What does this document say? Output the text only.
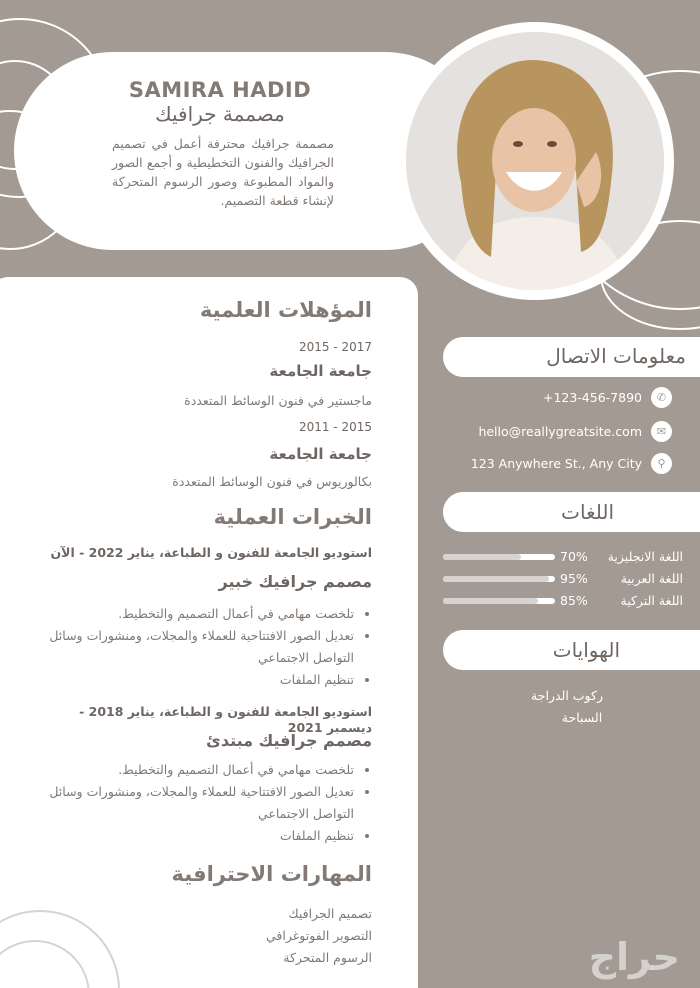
SAMIRA HADID
مصممة جرافيك
مصممة جرافيك محترفة أعمل في تصميم الجرافيك والفنون التخطيطية و أجمع الصور والمواد المطبوعة وصور الرسوم المتحركة لإنشاء قطعة التصميم.
المؤهلات العلمية
2015 - 2017
جامعة الجامعة
ماجستير في فنون الوسائط المتعددة
2011 - 2015
جامعة الجامعة
بكالوريوس في فنون الوسائط المتعددة
الخبرات العملية
استوديو الجامعة للفنون و الطباعة، يناير 2022 - الآن
مصمم جرافيك خبير
• تلخصت مهامي في أعمال التصميم والتخطيط.
• تعديل الصور الافتتاحية للعملاء والمجلات، ومنشورات وسائل التواصل الاجتماعي
• تنظيم الملفات
استوديو الجامعة للفنون و الطباعة، يناير 2018 - ديسمبر 2021
مصمم جرافيك مبتدئ
• تلخصت مهامي في أعمال التصميم والتخطيط.
• تعديل الصور الافتتاحية للعملاء والمجلات، ومنشورات وسائل التواصل الاجتماعي
• تنظيم الملفات
المهارات الاحترافية
تصميم الجرافيك
التصوير الفوتوغرافي
الرسوم المتحركة
معلومات الاتصال
+123-456-7890	✆
hello@reallygreatsite.com	✉
123 Anywhere St., Any City	⚲
اللغات
اللغة الانجليزية
70%
اللغة العربية
95%
اللغة التركية
85%
الهوايات
ركوب الدراجة
السباحة
حراج
